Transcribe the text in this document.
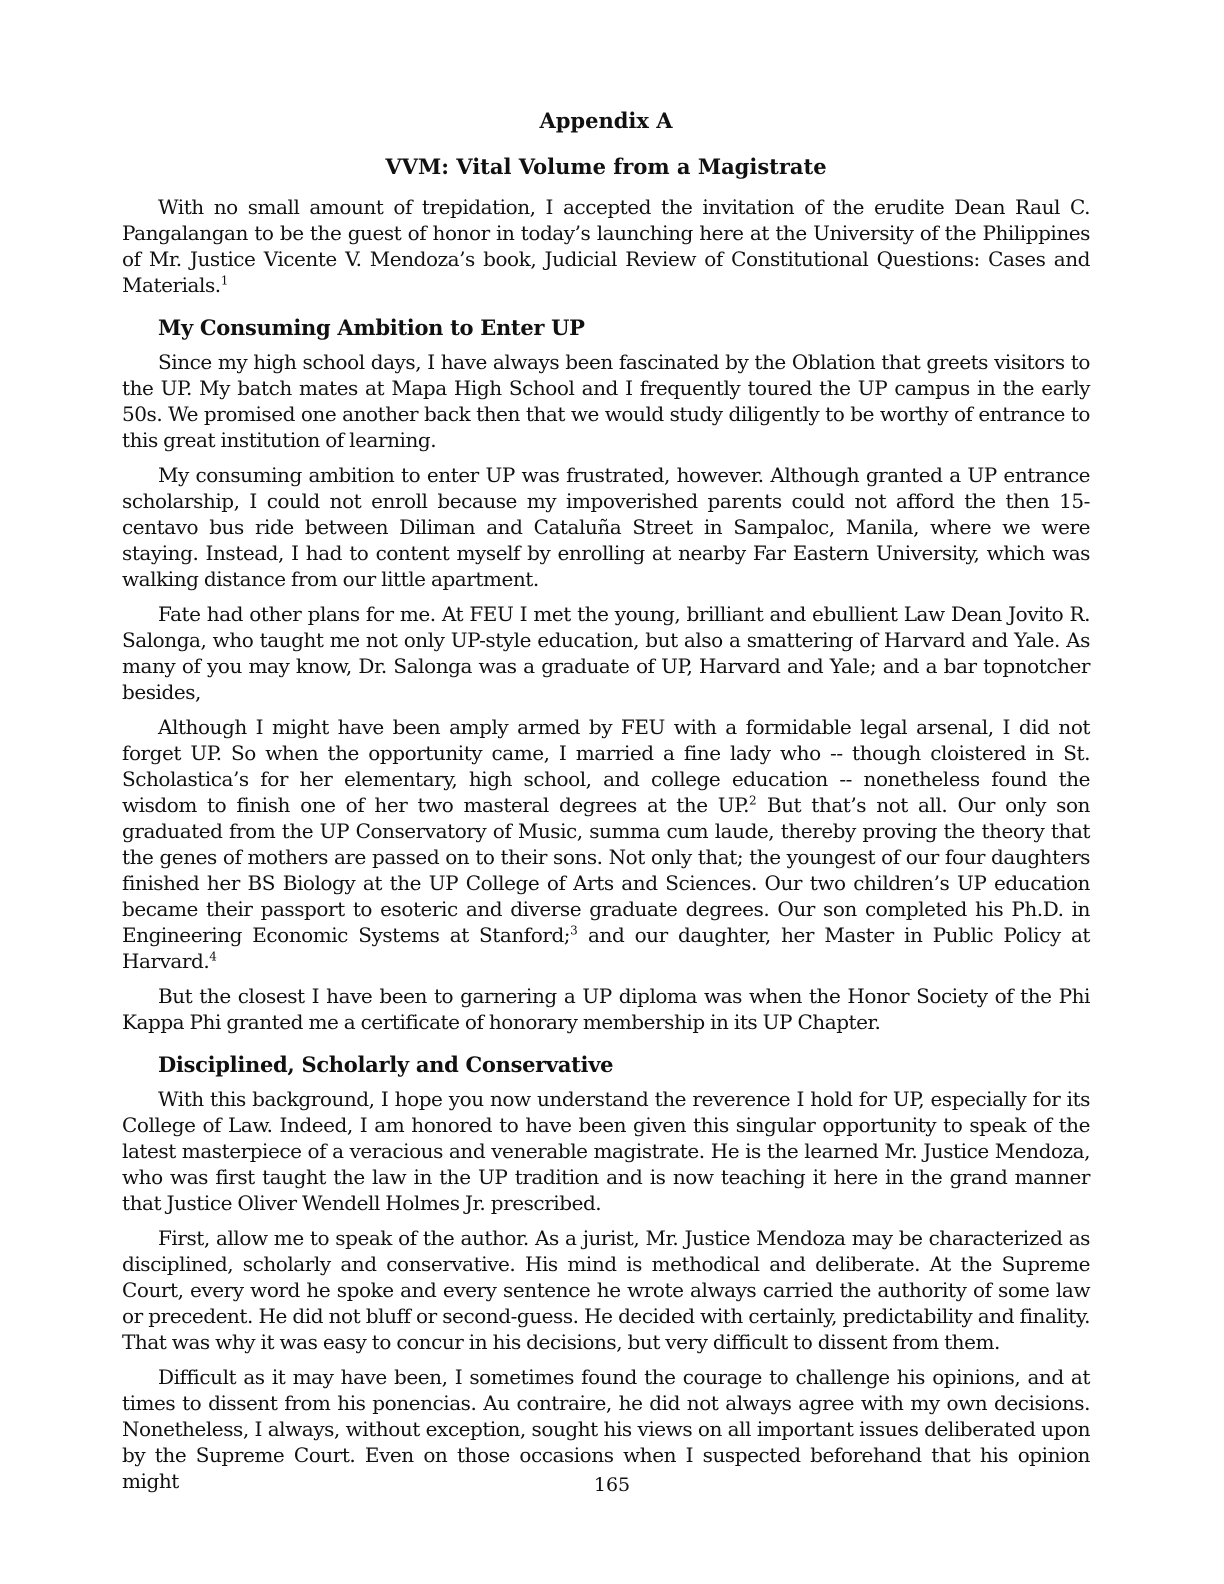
Appendix A
VVM: Vital Volume from a Magistrate

With no small amount of trepidation, I accepted the invitation of the erudite Dean Raul C. Pangalangan to be the guest of honor in today’s launching here at the University of the Philippines of Mr. Justice Vicente V. Mendoza’s book, Judicial Review of Constitutional Questions: Cases and Materials.$^1$

My Consuming Ambition to Enter UP

Since my high school days, I have always been fascinated by the Oblation that greets visitors to the UP. My batch mates at Mapa High School and I frequently toured the UP campus in the early 50s. We promised one another back then that we would study diligently to be worthy of entrance to this great institution of learning.

My consuming ambition to enter UP was frustrated, however. Although granted a UP entrance scholarship, I could not enroll because my impoverished parents could not afford the then 15-centavo bus ride between Diliman and Cataluña Street in Sampaloc, Manila, where we were staying. Instead, I had to content myself by enrolling at nearby Far Eastern University, which was walking distance from our little apartment.

Fate had other plans for me. At FEU I met the young, brilliant and ebullient Law Dean Jovito R. Salonga, who taught me not only UP-style education, but also a smattering of Harvard and Yale. As many of you may know, Dr. Salonga was a graduate of UP, Harvard and Yale; and a bar topnotcher besides,

Although I might have been amply armed by FEU with a formidable legal arsenal, I did not forget UP. So when the opportunity came, I married a fine lady who -- though cloistered in St. Scholastica’s for her elementary, high school, and college education -- nonetheless found the wisdom to finish one of her two masteral degrees at the UP.$^2$ But that’s not all. Our only son graduated from the UP Conservatory of Music, summa cum laude, thereby proving the theory that the genes of mothers are passed on to their sons. Not only that; the youngest of our four daughters finished her BS Biology at the UP College of Arts and Sciences. Our two children’s UP education became their passport to esoteric and diverse graduate degrees. Our son completed his Ph.D. in Engineering Economic Systems at Stanford;$^3$ and our daughter, her Master in Public Policy at Harvard.$^4$

But the closest I have been to garnering a UP diploma was when the Honor Society of the Phi Kappa Phi granted me a certificate of honorary membership in its UP Chapter.

Disciplined, Scholarly and Conservative

With this background, I hope you now understand the reverence I hold for UP, especially for its College of Law. Indeed, I am honored to have been given this singular opportunity to speak of the latest masterpiece of a veracious and venerable magistrate. He is the learned Mr. Justice Mendoza, who was first taught the law in the UP tradition and is now teaching it here in the grand manner that Justice Oliver Wendell Holmes Jr. prescribed.

First, allow me to speak of the author. As a jurist, Mr. Justice Mendoza may be characterized as disciplined, scholarly and conservative. His mind is methodical and deliberate. At the Supreme Court, every word he spoke and every sentence he wrote always carried the authority of some law or precedent. He did not bluff or second-guess. He decided with certainly, predictability and finality. That was why it was easy to concur in his decisions, but very difficult to dissent from them.

Difficult as it may have been, I sometimes found the courage to challenge his opinions, and at times to dissent from his ponencias. Au contraire, he did not always agree with my own decisions. Nonetheless, I always, without exception, sought his views on all important issues deliberated upon by the Supreme Court. Even on those occasions when I suspected beforehand that his opinion might	165
